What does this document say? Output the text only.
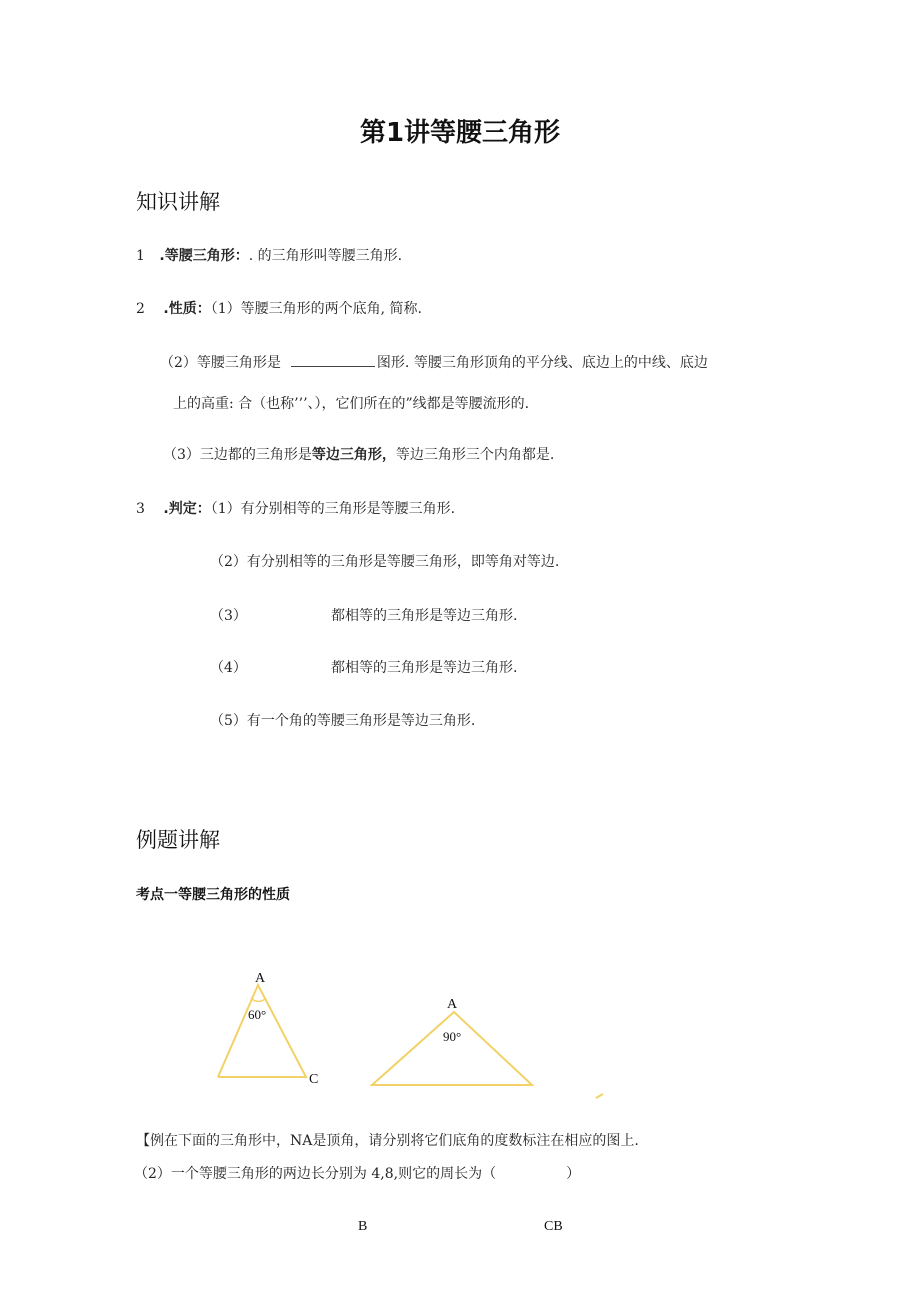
第1讲等腰三角形
知识讲解
1 .等腰三角形：. 的三角形叫等腰三角形.
2 .性质：（1）等腰三角形的两个底角, 简称.
（2）等腰三角形是	图形. 等腰三角形顶角的平分线、底边上的中线、底边
上的高重: 合（也称’’’、），它们所在的”线都是等腰流形的.
（3）三边都的三角形是等边三角形，等边三角形三个内角都是.
3 .判定：（1）有分别相等的三角形是等腰三角形.
（2）有分别相等的三角形是等腰三角形，即等角对等边.
（3）	都相等的三角形是等边三角形.
（4）	都相等的三角形是等边三角形.
（5）有一个角的等腰三角形是等边三角形.
例题讲解
考点一等腰三角形的性质
A
60°
C
A
90°
【例在下面的三角形中，NA是顶角，请分别将它们底角的度数标注在相应的图上.
（2）一个等腰三角形的两边长分别为 4,8,则它的周长为（	）
B	CB
